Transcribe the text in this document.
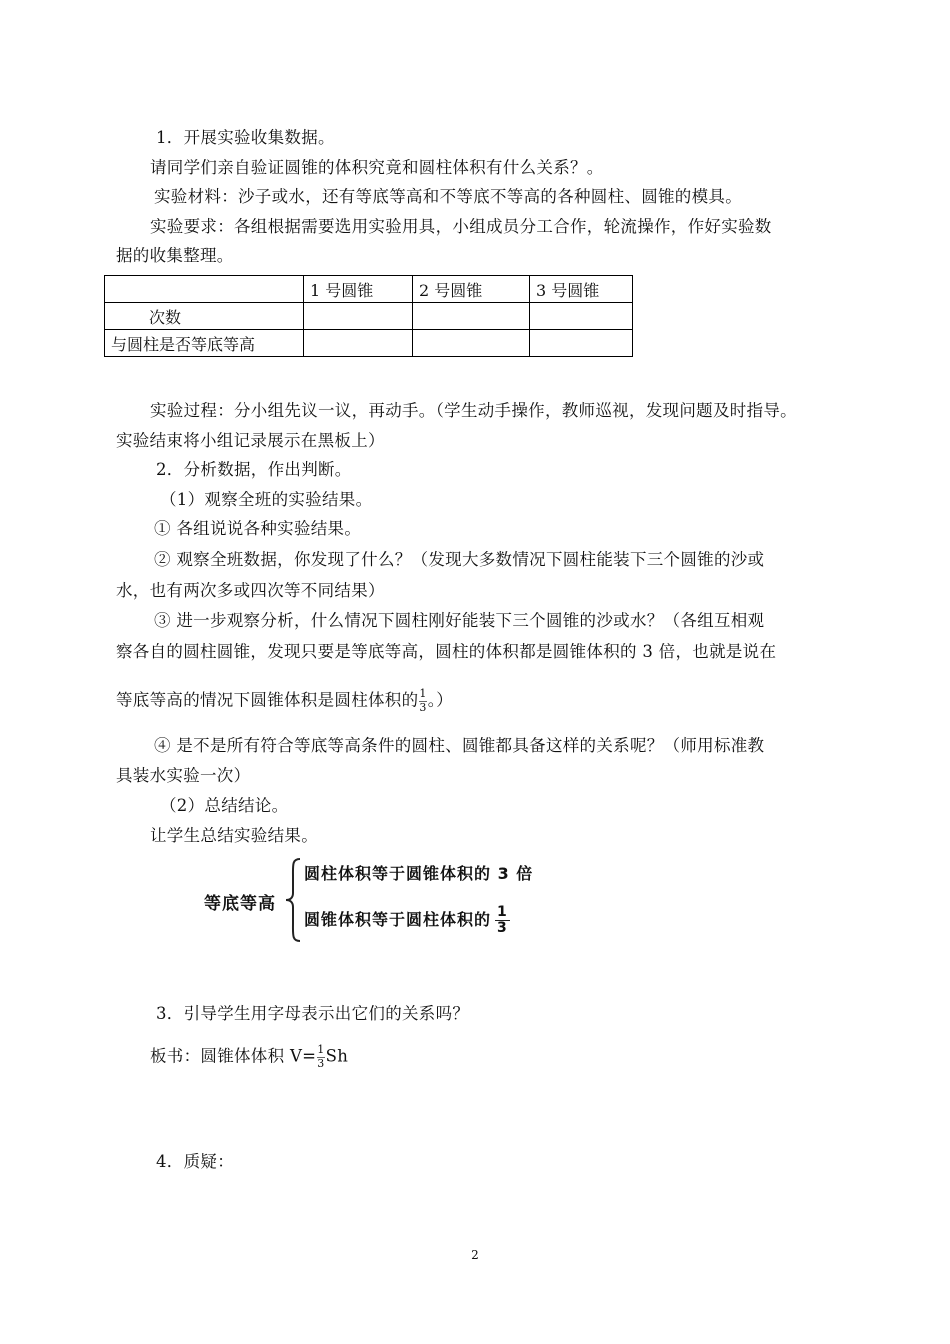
1．开展实验收集数据。
请同学们亲自验证圆锥的体积究竟和圆柱体积有什么关系？。
实验材料：沙子或水，还有等底等高和不等底不等高的各种圆柱、圆锥的模具。
实验要求：各组根据需要选用实验用具，小组成员分工合作，轮流操作，作好实验数
据的收集整理。
	1 号圆锥	2 号圆锥	3 号圆锥
次数			
与圆柱是否等底等高			
实验过程：分小组先议一议，再动手。（学生动手操作，教师巡视，发现问题及时指导。
实验结束将小组记录展示在黑板上）
2．分析数据，作出判断。
（1）观察全班的实验结果。
① 各组说说各种实验结果。
② 观察全班数据，你发现了什么？（发现大多数情况下圆柱能装下三个圆锥的沙或
水，也有两次多或四次等不同结果）
③ 进一步观察分析，什么情况下圆柱刚好能装下三个圆锥的沙或水？（各组互相观
察各自的圆柱圆锥，发现只要是等底等高，圆柱的体积都是圆锥体积的 3 倍，也就是说在
等底等高的情况下圆锥体积是圆柱体积的 $\frac{1}{3}$ 。）
④ 是不是所有符合等底等高条件的圆柱、圆锥都具备这样的关系呢？（师用标准教
具装水实验一次）
（2）总结结论。
让学生总结实验结果。
等底等高
圆柱体积等于圆锥体积的 3 倍
圆锥体积等于圆柱体积的 $\frac{1}{3}$
3．引导学生用字母表示出它们的关系吗？
板书：圆锥体体积 $V= \frac{1}{3}$ Sh
4．质疑：
2
